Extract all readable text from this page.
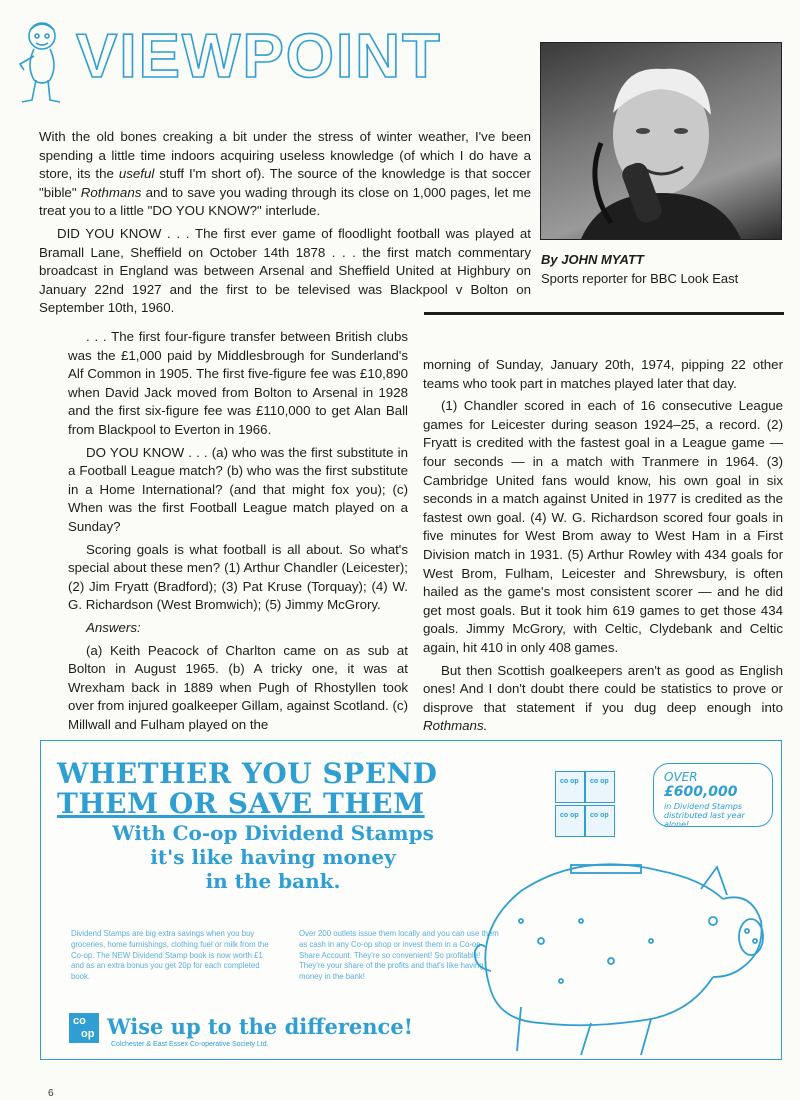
VIEWPOINT
By JOHN MYATT
Sports reporter for BBC Look East

With the old bones creaking a bit under the stress of winter weather, I've been spending a little time indoors acquiring useless knowledge (of which I do have a store, its the useful stuff I'm short of). The source of the knowledge is that soccer "bible" Rothmans and to save you wading through its close on 1,000 pages, let me treat you to a little "DO YOU KNOW?" interlude.

DID YOU KNOW . . . The first ever game of floodlight football was played at Bramall Lane, Sheffield on October 14th 1878 . . . the first match commentary broadcast in England was between Arsenal and Sheffield United at Highbury on January 22nd 1927 and the first to be televised was Blackpool v Bolton on September 10th, 1960.

. . . The first four-figure transfer between British clubs was the £1,000 paid by Middlesbrough for Sunderland's Alf Common in 1905. The first five-figure fee was £10,890 when David Jack moved from Bolton to Arsenal in 1928 and the first six-figure fee was £110,000 to get Alan Ball from Blackpool to Everton in 1966.

DO YOU KNOW . . . (a) who was the first substitute in a Football League match? (b) who was the first substitute in a Home International? (and that might fox you); (c) When was the first Football League match played on a Sunday?

Scoring goals is what football is all about. So what's special about these men? (1) Arthur Chandler (Leicester); (2) Jim Fryatt (Bradford); (3) Pat Kruse (Torquay); (4) W. G. Richardson (West Bromwich); (5) Jimmy McGrory.

Answers:

(a) Keith Peacock of Charlton came on as sub at Bolton in August 1965. (b) A tricky one, it was at Wrexham back in 1889 when Pugh of Rhostyllen took over from injured goalkeeper Gillam, against Scotland. (c) Millwall and Fulham played on the

morning of Sunday, January 20th, 1974, pipping 22 other teams who took part in matches played later that day.

(1) Chandler scored in each of 16 consecutive League games for Leicester during season 1924–25, a record. (2) Fryatt is credited with the fastest goal in a League game — four seconds — in a match with Tranmere in 1964. (3) Cambridge United fans would know, his own goal in six seconds in a match against United in 1977 is credited as the fastest own goal. (4) W. G. Richardson scored four goals in five minutes for West Brom away to West Ham in a First Division match in 1931. (5) Arthur Rowley with 434 goals for West Brom, Fulham, Leicester and Shrewsbury, is often hailed as the game's most consistent scorer — and he did get most goals. But it took him 619 games to get those 434 goals. Jimmy McGrory, with Celtic, Clydebank and Celtic again, hit 410 in only 408 games.

But then Scottish goalkeepers aren't as good as English ones! And I don't doubt there could be statistics to prove or disprove that statement if you dug deep enough into Rothmans.

WHETHER YOU SPEND
THEM OR SAVE THEM
With Co-op Dividend Stamps
it's like having money
in the bank.
Dividend Stamps are big extra savings when you buy groceries, home furnishings, clothing fuel or milk from the Co-op. The NEW Dividend Stamp book is now worth £1 and as an extra bonus you get 20p for each completed book.
Over 200 outlets issue them locally and you can use them as cash in any Co-op shop or invest them in a Co-op Share Account. They're so convenient! So profitable! They're your share of the profits and that's like having money in the bank!
OVER
£600,000
in Dividend Stamps distributed last year alone!
co op co op
co op co op
co
op Wise up to the difference!
Colchester & East Essex Co-operative Society Ltd.
6
